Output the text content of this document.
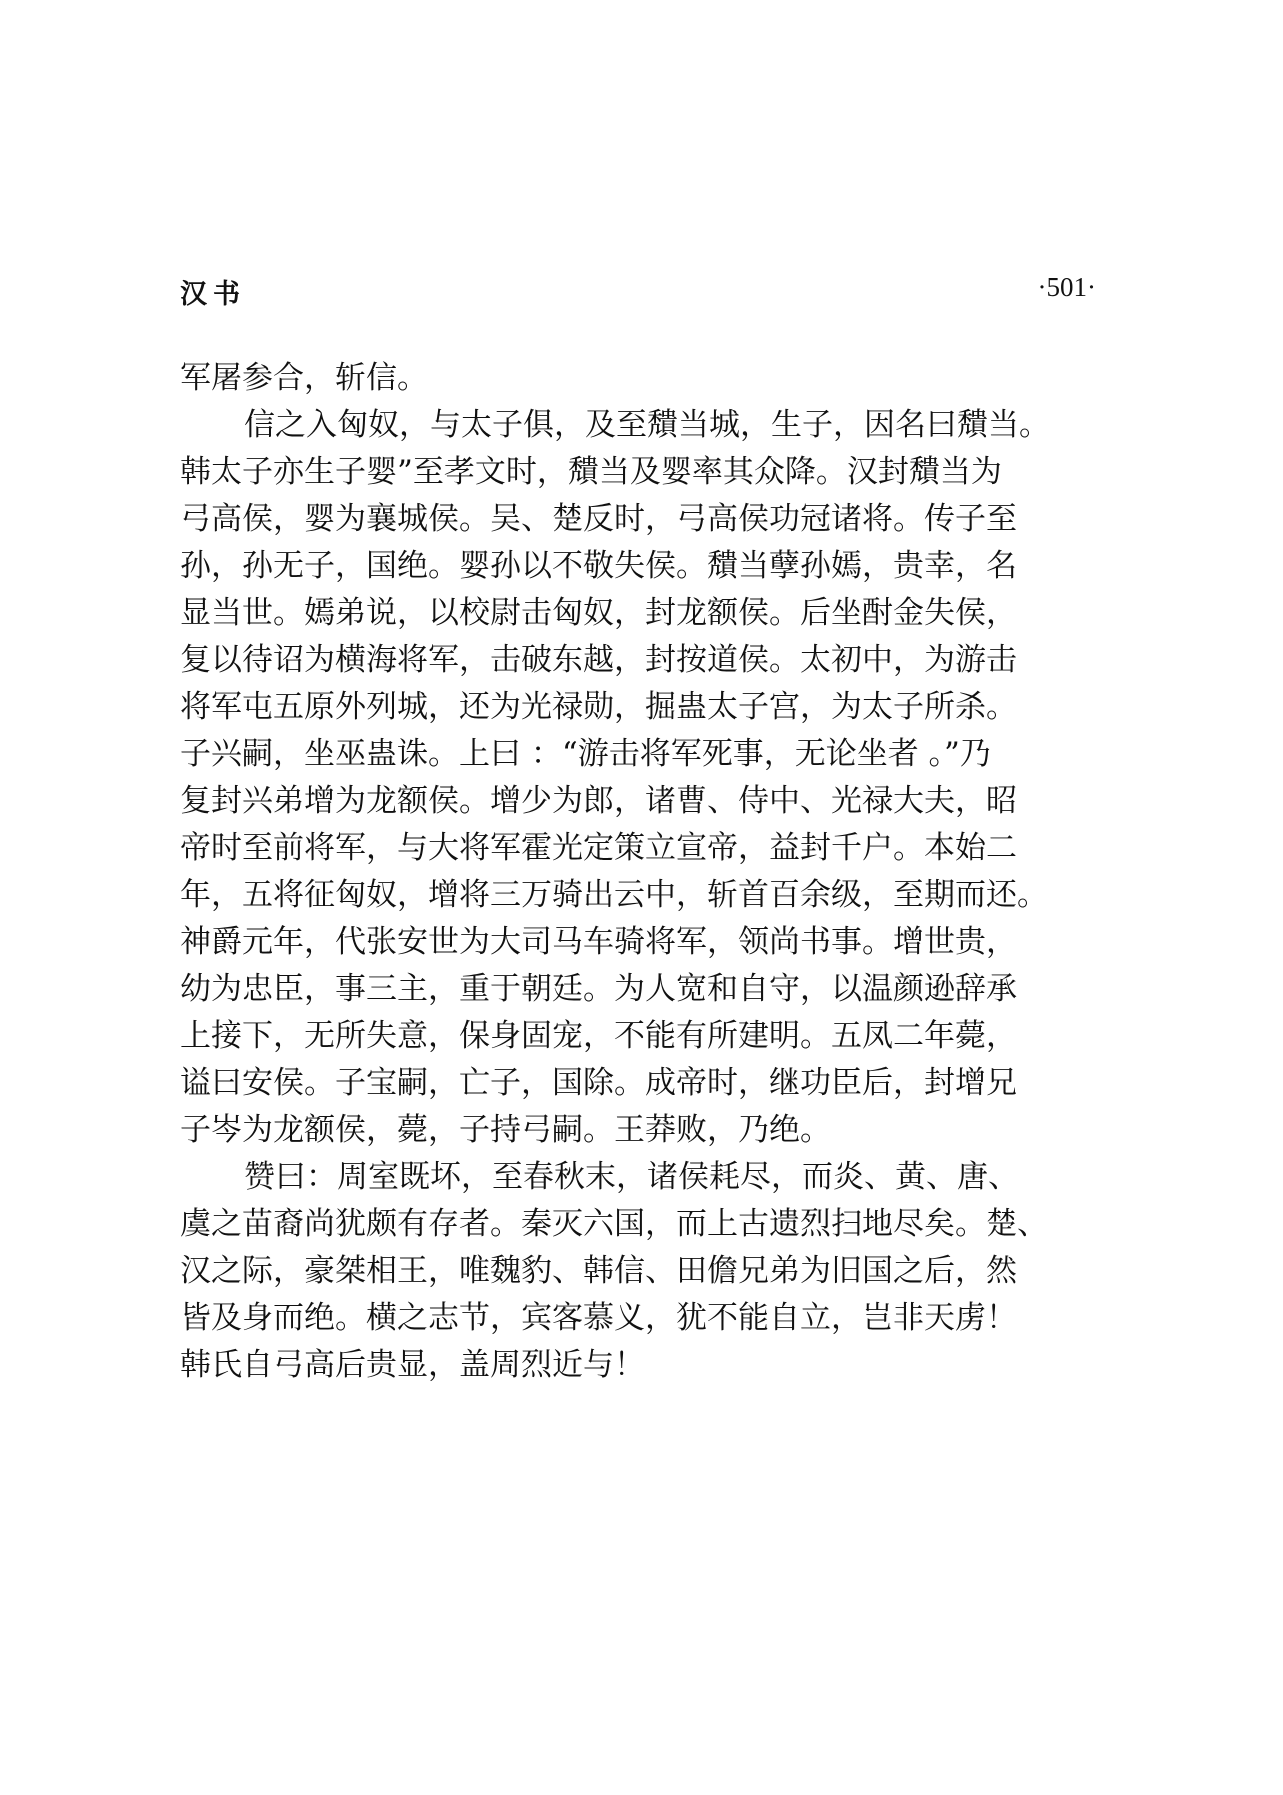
汉书	·501·
军屠参合，斩信。
信之入匈奴，与太子俱，及至穨当城，生子，因名曰穨当。
韩太子亦生子婴”至孝文时，穨当及婴率其众降。汉封穨当为
弓高侯，婴为襄城侯。吴、楚反时，弓高侯功冠诸将。传子至
孙，孙无子，国绝。婴孙以不敬失侯。穨当孽孙嫣，贵幸，名
显当世。嫣弟说，以校尉击匈奴，封龙额侯。后坐酎金失侯，
复以待诏为横海将军，击破东越，封按道侯。太初中，为游击
将军屯五原外列城，还为光禄勋，掘蛊太子宫，为太子所杀。
子兴嗣，坐巫蛊诛。上曰 ：“游击将军死事，无论坐者 。”乃
复封兴弟增为龙额侯。增少为郎，诸曹、侍中、光禄大夫，昭
帝时至前将军，与大将军霍光定策立宣帝，益封千户。本始二
年，五将征匈奴，增将三万骑出云中，斩首百余级，至期而还。
神爵元年，代张安世为大司马车骑将军，领尚书事。增世贵，
幼为忠臣，事三主，重于朝廷。为人宽和自守，以温颜逊辞承
上接下，无所失意，保身固宠，不能有所建明。五凤二年薨，
谥曰安侯。子宝嗣，亡子，国除。成帝时，继功臣后，封增兄
子岑为龙额侯，薨，子持弓嗣。王莽败，乃绝。
赞曰：周室既坏，至春秋末，诸侯耗尽，而炎、黄、唐、
虞之苗裔尚犹颇有存者。秦灭六国，而上古遗烈扫地尽矣。楚、
汉之际，豪桀相王，唯魏豹、韩信、田儋兄弟为旧国之后，然
皆及身而绝。横之志节，宾客慕义，犹不能自立，岂非天虏！
韩氏自弓高后贵显，盖周烈近与！
